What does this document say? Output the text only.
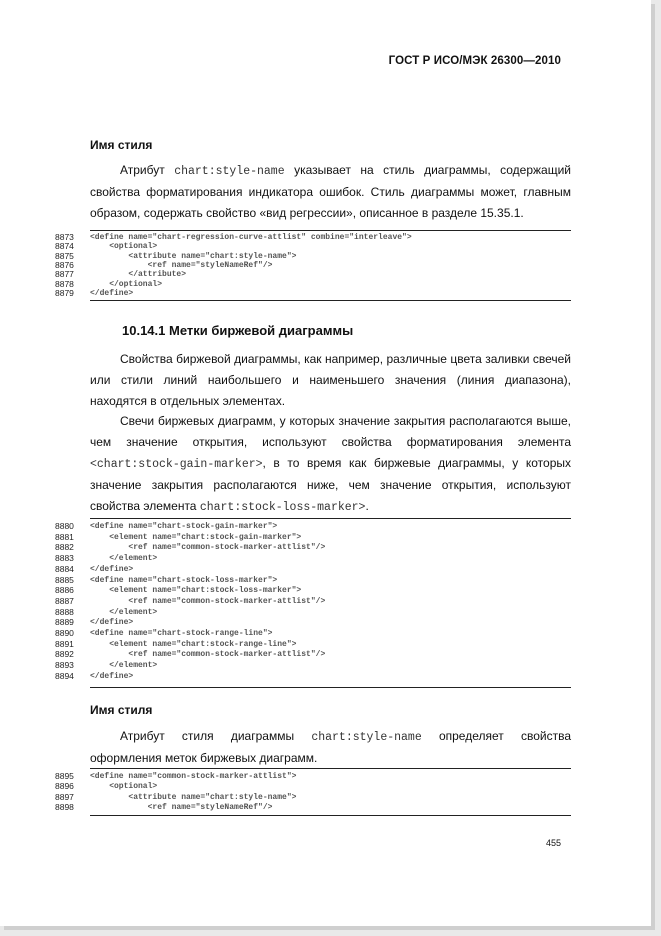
ГОСТ Р ИСО/МЭК 26300—2010
Имя стиля

Атрибут chart:style-name указывает на стиль диаграммы, содержащий свойства форматирования индикатора ошибок. Стиль диаграммы может, главным образом, содержать свойство «вид регрессии», описанное в разделе 15.35.1.

8873	<define name="chart-regression-curve-attlist" combine="interleave">
8874	<optional>
8875	<attribute name="chart:style-name">
8876	<ref name="styleNameRef"/>
8877	</attribute>
8878	</optional>
8879	</define>
10.14.1 Метки биржевой диаграммы

Свойства биржевой диаграммы, как например, различные цвета заливки свечей или стили линий наибольшего и наименьшего значения (линия диапазона), находятся в отдельных элементах.

Свечи биржевых диаграмм, у которых значение закрытия располагаются выше, чем значение открытия, используют свойства форматирования элемента <chart:stock-gain-marker>, в то время как биржевые диаграммы, у которых значение закрытия располагаются ниже, чем значение открытия, используют свойства элемента chart:stock-loss-marker>.

8880	<define name="chart-stock-gain-marker">
8881	<element name="chart:stock-gain-marker">
8882	<ref name="common-stock-marker-attlist"/>
8883	</element>
8884	</define>
8885	<define name="chart-stock-loss-marker">
8886	<element name="chart:stock-loss-marker">
8887	<ref name="common-stock-marker-attlist"/>
8888	</element>
8889	</define>
8890	<define name="chart-stock-range-line">
8891	<element name="chart:stock-range-line">
8892	<ref name="common-stock-marker-attlist"/>
8893	</element>
8894	</define>
Имя стиля

Атрибут стиля диаграммы chart:style-name определяет свойства оформления меток биржевых диаграмм.

8895	<define name="common-stock-marker-attlist">
8896	<optional>
8897	<attribute name="chart:style-name">
8898	<ref name="styleNameRef"/>
455
